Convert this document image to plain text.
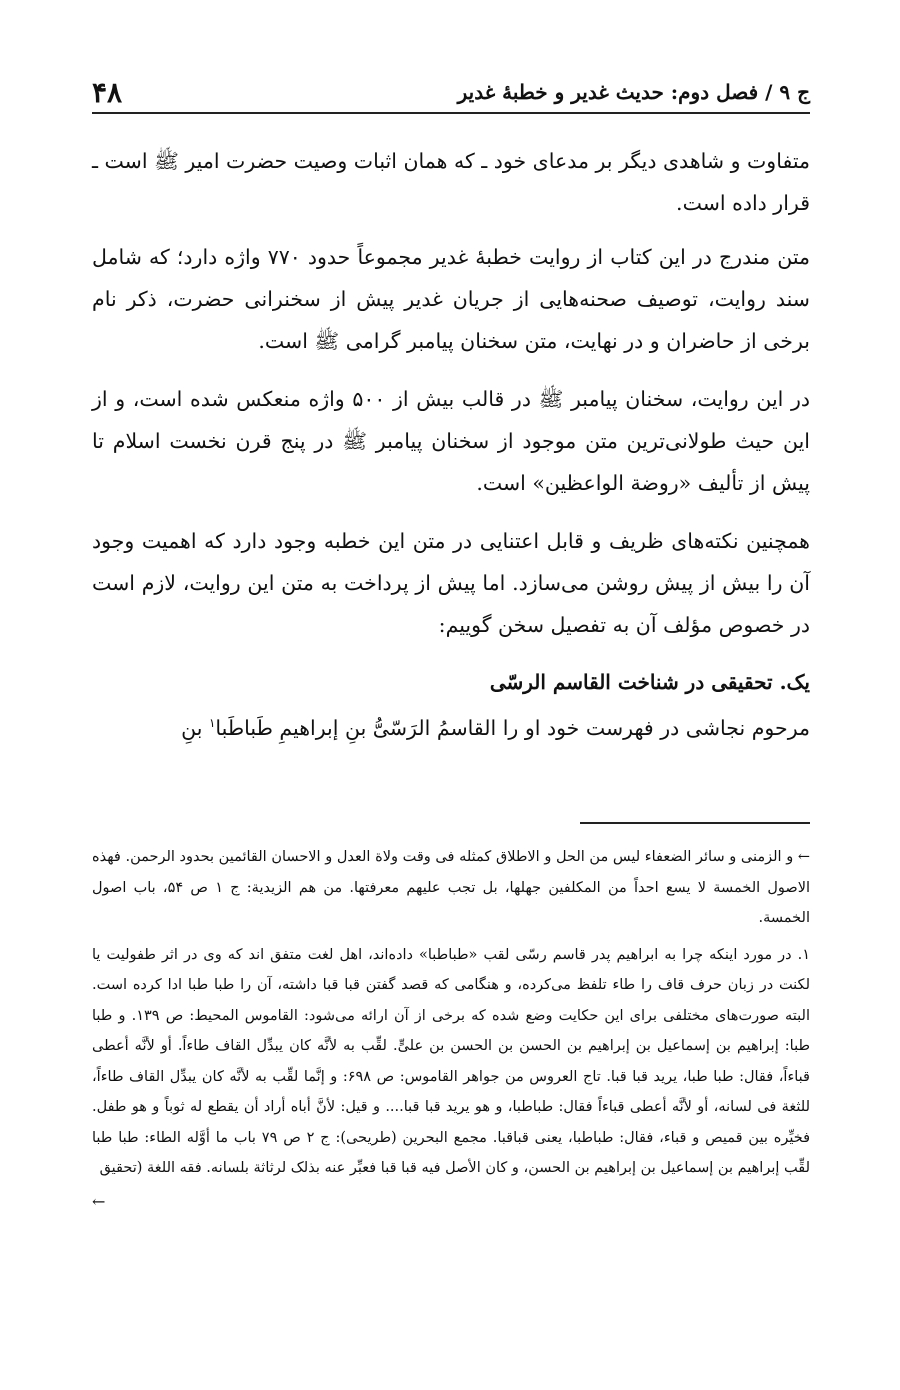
ج ۹ / فصل دوم: حدیث غدیر و خطبهٔ غدیر
۴۸

متفاوت و شاهدی دیگر بر مدعای خود ـ که همان اثبات وصیت حضرت امیر ﷺ است ـ قرار داده است.

متن مندرج در این کتاب از روایت خطبهٔ غدیر مجموعاً حدود ۷۷۰ واژه دارد؛ که شامل سند روایت، توصیف صحنه‌هایی از جریان غدیر پیش از سخنرانی حضرت، ذکر نام برخی از حاضران و در نهایت، متن سخنان پیامبر گرامی ﷺ است.

در این روایت، سخنان پیامبر ﷺ در قالب بیش از ۵۰۰ واژه منعکس شده است، و از این حیث طولانی‌ترین متن موجود از سخنان پیامبر ﷺ در پنج قرن نخست اسلام تا پیش از تألیف «روضة الواعظین» است.

همچنین نکته‌های ظریف و قابل اعتنایی در متن این خطبه وجود دارد که اهمیت وجود آن را بیش از پیش روشن می‌سازد. اما پیش از پرداخت به متن این روایت، لازم است در خصوص مؤلف آن به تفصیل سخن گوییم:

یک. تحقیقی در شناخت القاسم الرسّی

مرحوم نجاشی در فهرست خود او را القاسمُ الرَسّیُّ بنِ إبراهیمِ طَباطَبا$^۱$ بنِ

← و الزمنی و سائر الضعفاء لیس من الحل و الاطلاق کمثله فی وقت ولاة العدل و الاحسان القائمین بحدود الرحمن. فهذه الاصول الخمسة لا یسع احداً من المکلفین جهلها، بل تجب علیهم معرفتها. من هم الزیدیة: ج ۱ ص ۵۴، باب اصول الخمسة.

۱. در مورد اینکه چرا به ابراهیم پدر قاسم رسّی لقب «طباطبا» داده‌اند، اهل لغت متفق اند که وی در اثر طفولیت یا لکنت در زبان حرف قاف را طاء تلفظ می‌کرده، و هنگامی که قصد گفتن قبا قبا داشته، آن را طبا طبا ادا کرده است. البته صورت‌های مختلفی برای این حکایت وضع شده که برخی از آن ارائه می‌شود: القاموس المحیط: ص ۱۳۹. و طبا طبا: إبراهیم بن إسماعیل بن إبراهیم بن الحسن بن الحسن بن علیٍّ. لقِّب به لأنَّه کان یبدِّل القاف طاءاً. أو لأنَّه أعطی قباءاً، فقال: طبا طبا، یرید قبا قبا. تاج العروس من جواهر القاموس: ص ۶۹۸: و إنَّما لقِّب به لأنَّه کان یبدِّل القاف طاءاً، للثغة فی لسانه، أو لأنَّه أعطی قباءاً فقال: طباطبا، و هو یرید قبا قبا.... و قیل: لأنَّ أباه أراد أن یقطع له ثوباً و هو طفل. فخیِّره بین قمیص و قباء، فقال: طباطبا، یعنی قباقبا. مجمع البحرین (طریحی): ج ۲ ص ۷۹ باب ما أوَّله الطاء: طبا طبا لقِّب إبراهیم بن إسماعیل بن إبراهیم بن الحسن، و کان الأصل فیه قبا قبا فعبِّر عنه بذلک لرثاثة بلسانه. فقه اللغة (تحقیق

←
